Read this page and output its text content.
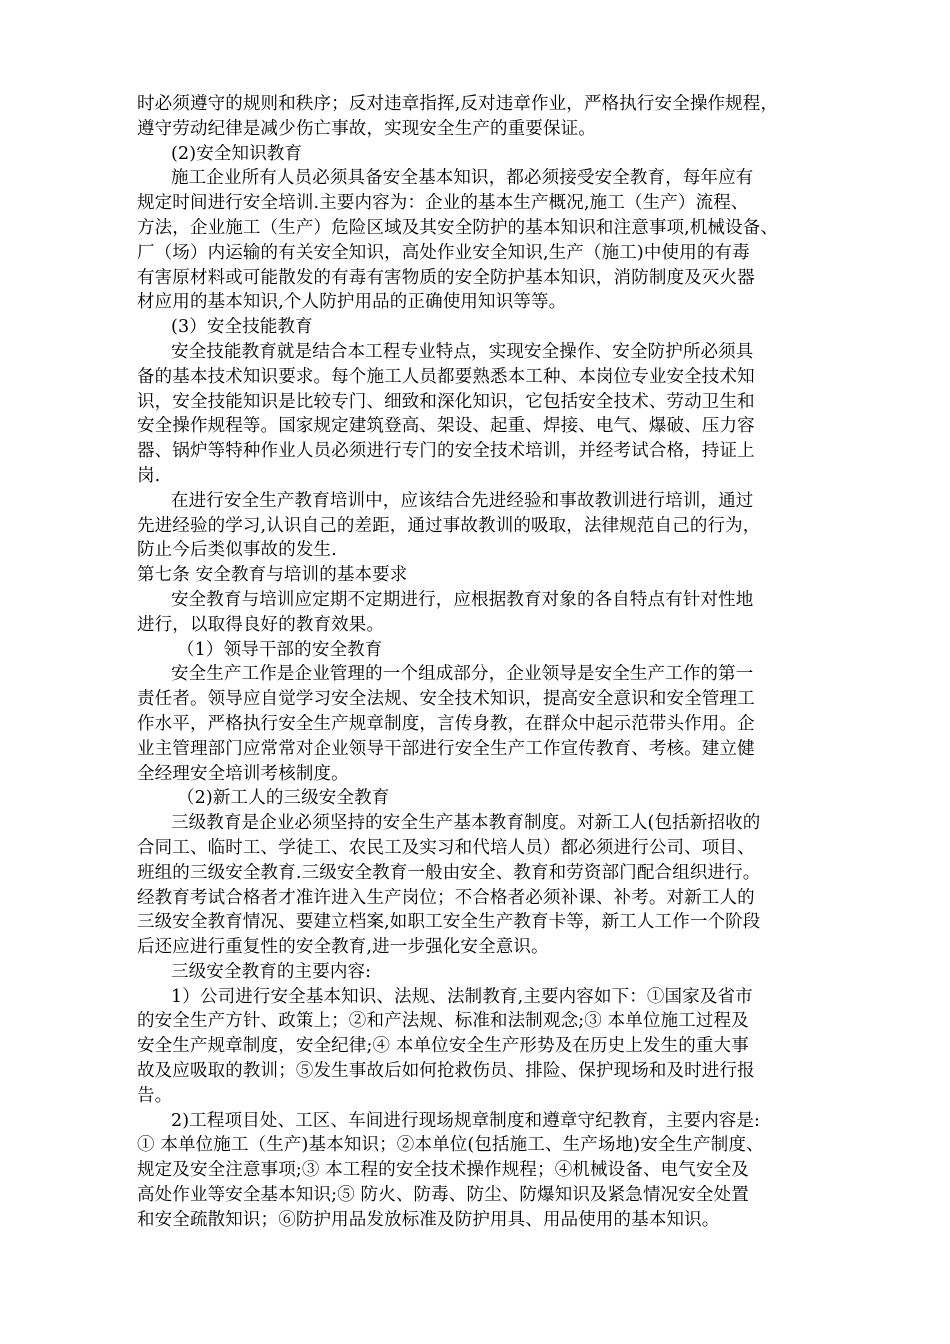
时必须遵守的规则和秩序；反对违章指挥,反对违章作业，严格执行安全操作规程，
遵守劳动纪律是减少伤亡事故，实现安全生产的重要保证。
(2)安全知识教育
施工企业所有人员必须具备安全基本知识，都必须接受安全教育，每年应有
规定时间进行安全培训.主要内容为：企业的基本生产概况,施工（生产）流程、
方法，企业施工（生产）危险区域及其安全防护的基本知识和注意事项,机械设备、
厂（场）内运输的有关安全知识，高处作业安全知识,生产（施工)中使用的有毒
有害原材料或可能散发的有毒有害物质的安全防护基本知识，消防制度及灭火器
材应用的基本知识,个人防护用品的正确使用知识等等。
(3）安全技能教育
安全技能教育就是结合本工程专业特点，实现安全操作、安全防护所必须具
备的基本技术知识要求。每个施工人员都要熟悉本工种、本岗位专业安全技术知
识，安全技能知识是比较专门、细致和深化知识，它包括安全技术、劳动卫生和
安全操作规程等。国家规定建筑登高、架设、起重、焊接、电气、爆破、压力容
器、锅炉等特种作业人员必须进行专门的安全技术培训，并经考试合格，持证上
岗.
在进行安全生产教育培训中，应该结合先进经验和事故教训进行培训，通过
先进经验的学习,认识自己的差距，通过事故教训的吸取，法律规范自己的行为，
防止今后类似事故的发生.
第七条 安全教育与培训的基本要求
安全教育与培训应定期不定期进行，应根据教育对象的各自特点有针对性地
进行，以取得良好的教育效果。
（1）领导干部的安全教育
安全生产工作是企业管理的一个组成部分，企业领导是安全生产工作的第一
责任者。领导应自觉学习安全法规、安全技术知识，提高安全意识和安全管理工
作水平，严格执行安全生产规章制度，言传身教，在群众中起示范带头作用。企
业主管理部门应常常对企业领导干部进行安全生产工作宣传教育、考核。建立健
全经理安全培训考核制度。
（2)新工人的三级安全教育
三级教育是企业必须坚持的安全生产基本教育制度。对新工人(包括新招收的
合同工、临时工、学徒工、农民工及实习和代培人员）都必须进行公司、项目、
班组的三级安全教育.三级安全教育一般由安全、教育和劳资部门配合组织进行。
经教育考试合格者才准许进入生产岗位；不合格者必须补课、补考。对新工人的
三级安全教育情况、要建立档案,如职工安全生产教育卡等，新工人工作一个阶段
后还应进行重复性的安全教育,进一步强化安全意识。
三级安全教育的主要内容:
1）公司进行安全基本知识、法规、法制教育,主要内容如下：①国家及省市
的安全生产方针、政策上；②和产法规、标准和法制观念;③ 本单位施工过程及
安全生产规章制度，安全纪律;④ 本单位安全生产形势及在历史上发生的重大事
故及应吸取的教训；⑤发生事故后如何抢救伤员、排险、保护现场和及时进行报
告。
2)工程项目处、工区、车间进行现场规章制度和遵章守纪教育，主要内容是:
① 本单位施工（生产)基本知识；②本单位(包括施工、生产场地)安全生产制度、
规定及安全注意事项;③ 本工程的安全技术操作规程；④机械设备、电气安全及
高处作业等安全基本知识;⑤ 防火、防毒、防尘、防爆知识及紧急情况安全处置
和安全疏散知识；⑥防护用品发放标准及防护用具、用品使用的基本知识。
